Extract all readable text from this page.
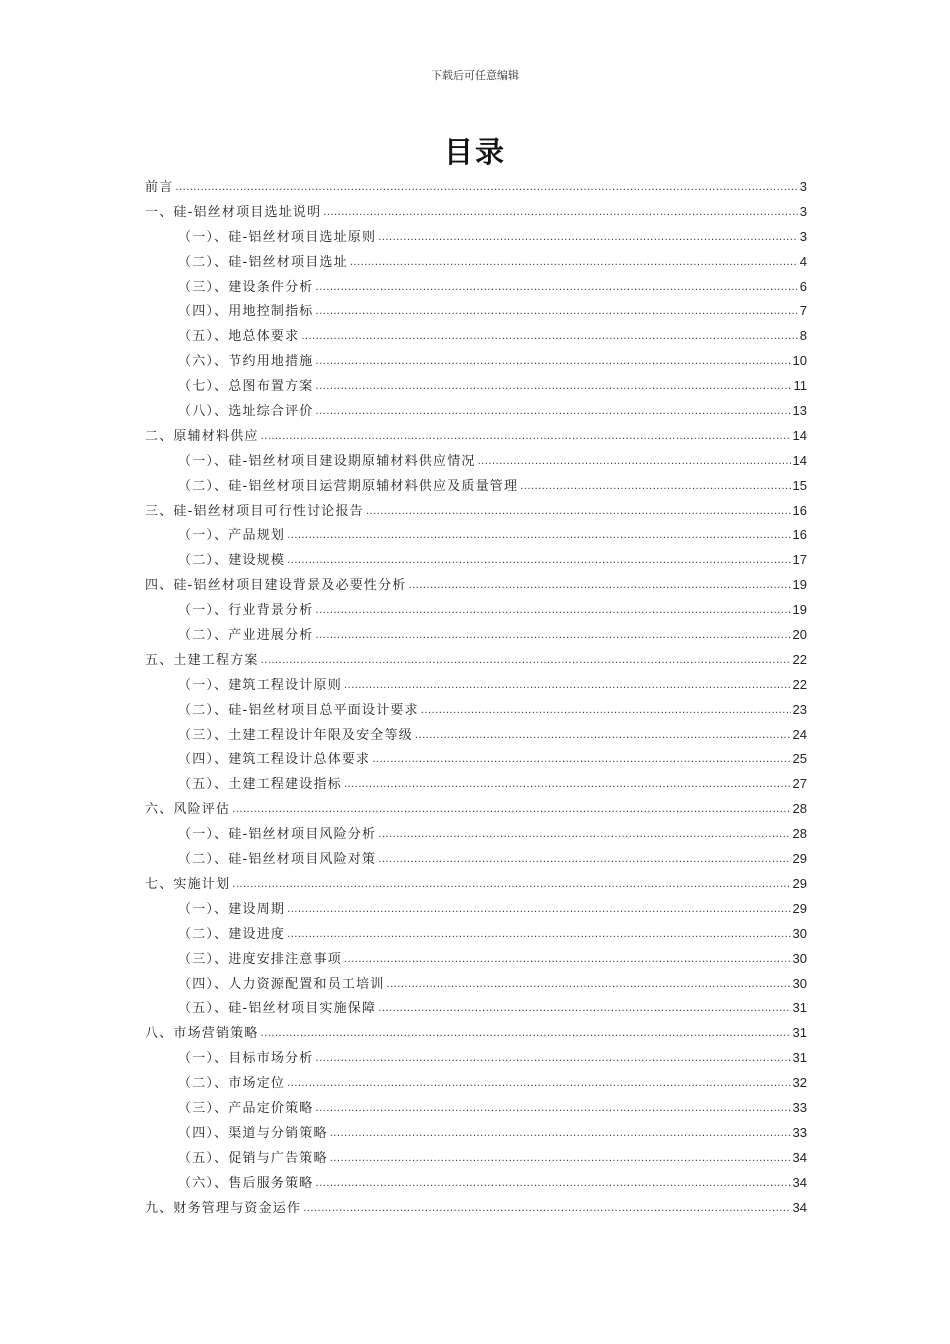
下载后可任意编辑
目录
前言 .....	3
一、硅-铝丝材项目选址说明 .....	3
（一）、硅-铝丝材项目选址原则 .....	3
（二）、硅-铝丝材项目选址 .....	4
（三）、建设条件分析 .....	6
（四）、用地控制指标 .....	7
（五）、地总体要求 .....	8
（六）、节约用地措施 .....	10
（七）、总图布置方案 .....	11
（八）、选址综合评价 .....	13
二、原辅材料供应 .....	14
（一）、硅-铝丝材项目建设期原辅材料供应情况 .....	14
（二）、硅-铝丝材项目运营期原辅材料供应及质量管理 .....	15
三、硅-铝丝材项目可行性讨论报告 .....	16
（一）、产品规划 .....	16
（二）、建设规模 .....	17
四、硅-铝丝材项目建设背景及必要性分析 .....	19
（一）、行业背景分析 .....	19
（二）、产业进展分析 .....	20
五、土建工程方案 .....	22
（一）、建筑工程设计原则 .....	22
（二）、硅-铝丝材项目总平面设计要求 .....	23
（三）、土建工程设计年限及安全等级 .....	24
（四）、建筑工程设计总体要求 .....	25
（五）、土建工程建设指标 .....	27
六、风险评估 .....	28
（一）、硅-铝丝材项目风险分析 .....	28
（二）、硅-铝丝材项目风险对策 .....	29
七、实施计划 .....	29
（一）、建设周期 .....	29
（二）、建设进度 .....	30
（三）、进度安排注意事项 .....	30
（四）、人力资源配置和员工培训 .....	30
（五）、硅-铝丝材项目实施保障 .....	31
八、市场营销策略 .....	31
（一）、目标市场分析 .....	31
（二）、市场定位 .....	32
（三）、产品定价策略 .....	33
（四）、渠道与分销策略 .....	33
（五）、促销与广告策略 .....	34
（六）、售后服务策略 .....	34
九、财务管理与资金运作 .....	34
